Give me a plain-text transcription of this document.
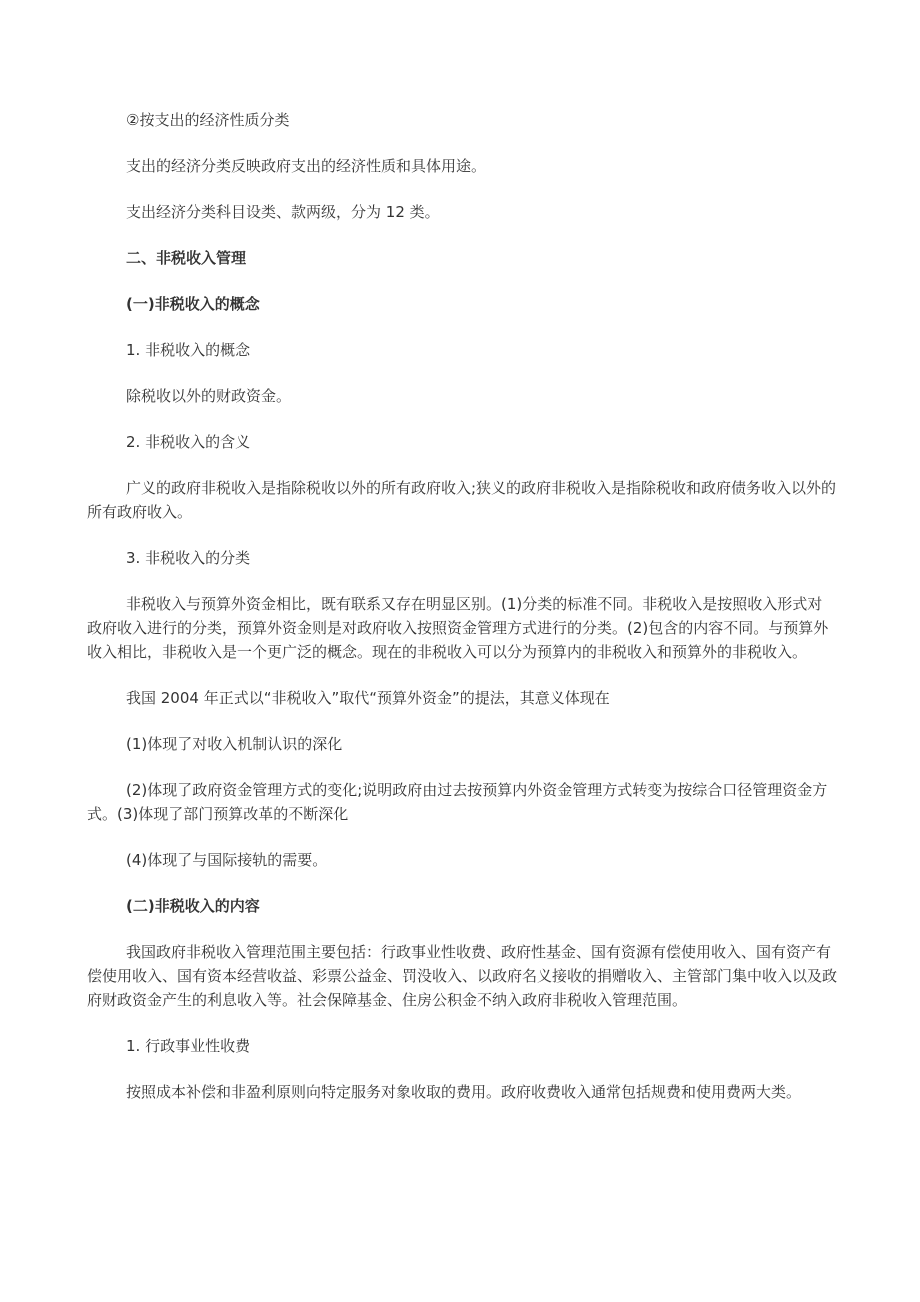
②按支出的经济性质分类

支出的经济分类反映政府支出的经济性质和具体用途。

支出经济分类科目设类、款两级，分为 12 类。

二、非税收入管理

(一)非税收入的概念

1. 非税收入的概念

除税收以外的财政资金。

2. 非税收入的含义

广义的政府非税收入是指除税收以外的所有政府收入;狭义的政府非税收入是指除税收和政府债务收入以外的所有政府收入。

3. 非税收入的分类

非税收入与预算外资金相比，既有联系又存在明显区别。(1)分类的标准不同。非税收入是按照收入形式对政府收入进行的分类，预算外资金则是对政府收入按照资金管理方式进行的分类。(2)包含的内容不同。与预算外收入相比，非税收入是一个更广泛的概念。现在的非税收入可以分为预算内的非税收入和预算外的非税收入。

我国 2004 年正式以“非税收入”取代“预算外资金”的提法，其意义体现在

(1)体现了对收入机制认识的深化

(2)体现了政府资金管理方式的变化;说明政府由过去按预算内外资金管理方式转变为按综合口径管理资金方式。(3)体现了部门预算改革的不断深化

(4)体现了与国际接轨的需要。

(二)非税收入的内容

我国政府非税收入管理范围主要包括：行政事业性收费、政府性基金、国有资源有偿使用收入、国有资产有偿使用收入、国有资本经营收益、彩票公益金、罚没收入、以政府名义接收的捐赠收入、主管部门集中收入以及政府财政资金产生的利息收入等。社会保障基金、住房公积金不纳入政府非税收入管理范围。

1. 行政事业性收费

按照成本补偿和非盈利原则向特定服务对象收取的费用。政府收费收入通常包括规费和使用费两大类。
